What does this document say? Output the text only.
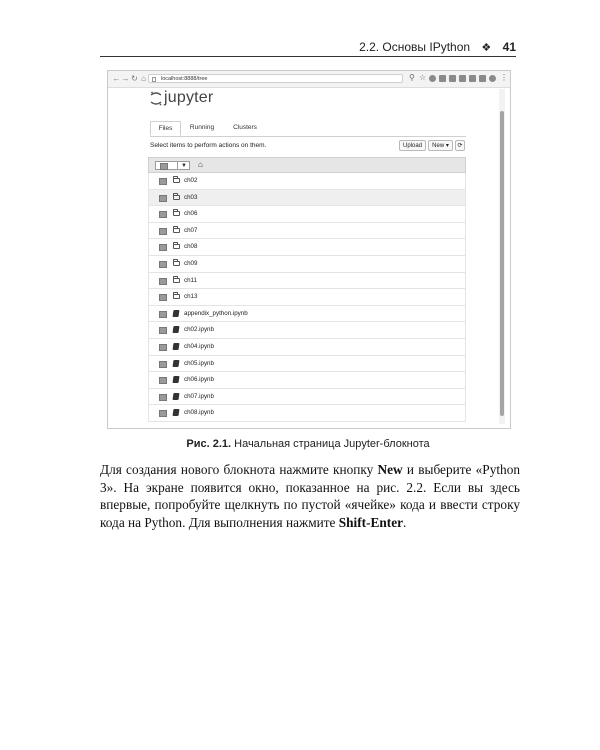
2.2. Основы IPython ❖ 41
← → ↻ ⌂	localhost:8888/tree	⚲ ☆	⋮
jupyter
Files	Running	Clusters
Select items to perform actions on them.	Upload	New ▾	⟳
▼ ⌂
ch02
ch03
ch06
ch07
ch08
ch09
ch11
ch13
appendix_python.ipynb
ch02.ipynb
ch04.ipynb
ch05.ipynb
ch06.ipynb
ch07.ipynb
ch08.ipynb
Рис. 2.1. Начальная страница Jupyter-блокнота
Для создания нового блокнота нажмите кнопку New и выберите «Python 3». На экране появится окно, показанное на рис. 2.2. Если вы здесь впервые, попробуйте щелкнуть по пустой «ячейке» кода и ввести строку кода на Python. Для выполнения нажмите Shift-Enter.
